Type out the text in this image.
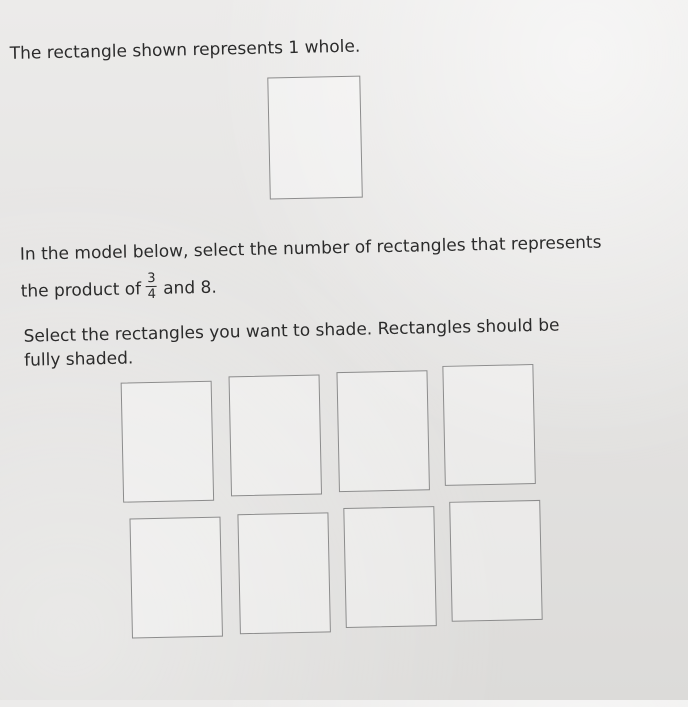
The rectangle shown represents 1 whole.
In the model below, select the number of rectangles that represents
the product of $\frac{3}{4}$ and 8.
Select the rectangles you want to shade. Rectangles should be
fully shaded.
